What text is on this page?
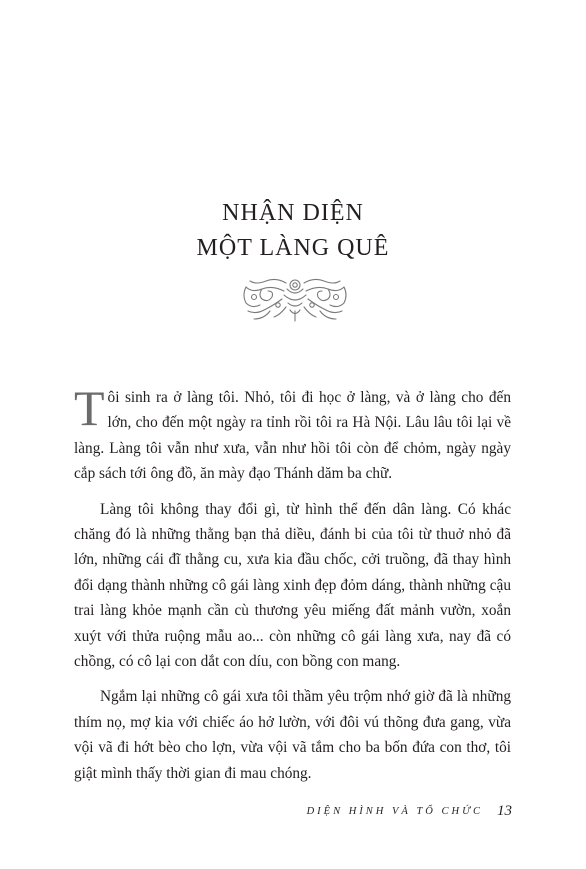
NHẬN DIỆN
MỘT LÀNG QUÊ

Tôi sinh ra ở làng tôi. Nhỏ, tôi đi học ở làng, và ở làng cho đến lớn, cho đến một ngày ra tỉnh rồi tôi ra Hà Nội. Lâu lâu tôi lại về làng. Làng tôi vẫn như xưa, vẫn như hồi tôi còn để chỏm, ngày ngày cắp sách tới ông đồ, ăn mày đạo Thánh dăm ba chữ.

Làng tôi không thay đổi gì, từ hình thể đến dân làng. Có khác chăng đó là những thằng bạn thả diều, đánh bi của tôi từ thuở nhỏ đã lớn, những cái đĩ thằng cu, xưa kia đầu chốc, cởi truồng, đã thay hình đổi dạng thành những cô gái làng xinh đẹp đỏm dáng, thành những cậu trai làng khỏe mạnh cần cù thương yêu miếng đất mảnh vườn, xoắn xuýt với thửa ruộng mẫu ao... còn những cô gái làng xưa, nay đã có chồng, có cô lại con dắt con díu, con bồng con mang.

Ngắm lại những cô gái xưa tôi thầm yêu trộm nhớ giờ đã là những thím nọ, mợ kia với chiếc áo hở lườn, với đôi vú thõng đưa gang, vừa vội vã đi hớt bèo cho lợn, vừa vội vã tắm cho ba bốn đứa con thơ, tôi giật mình thấy thời gian đi mau chóng.

DIỆN HÌNH VÀ TỔ CHỨC 13
